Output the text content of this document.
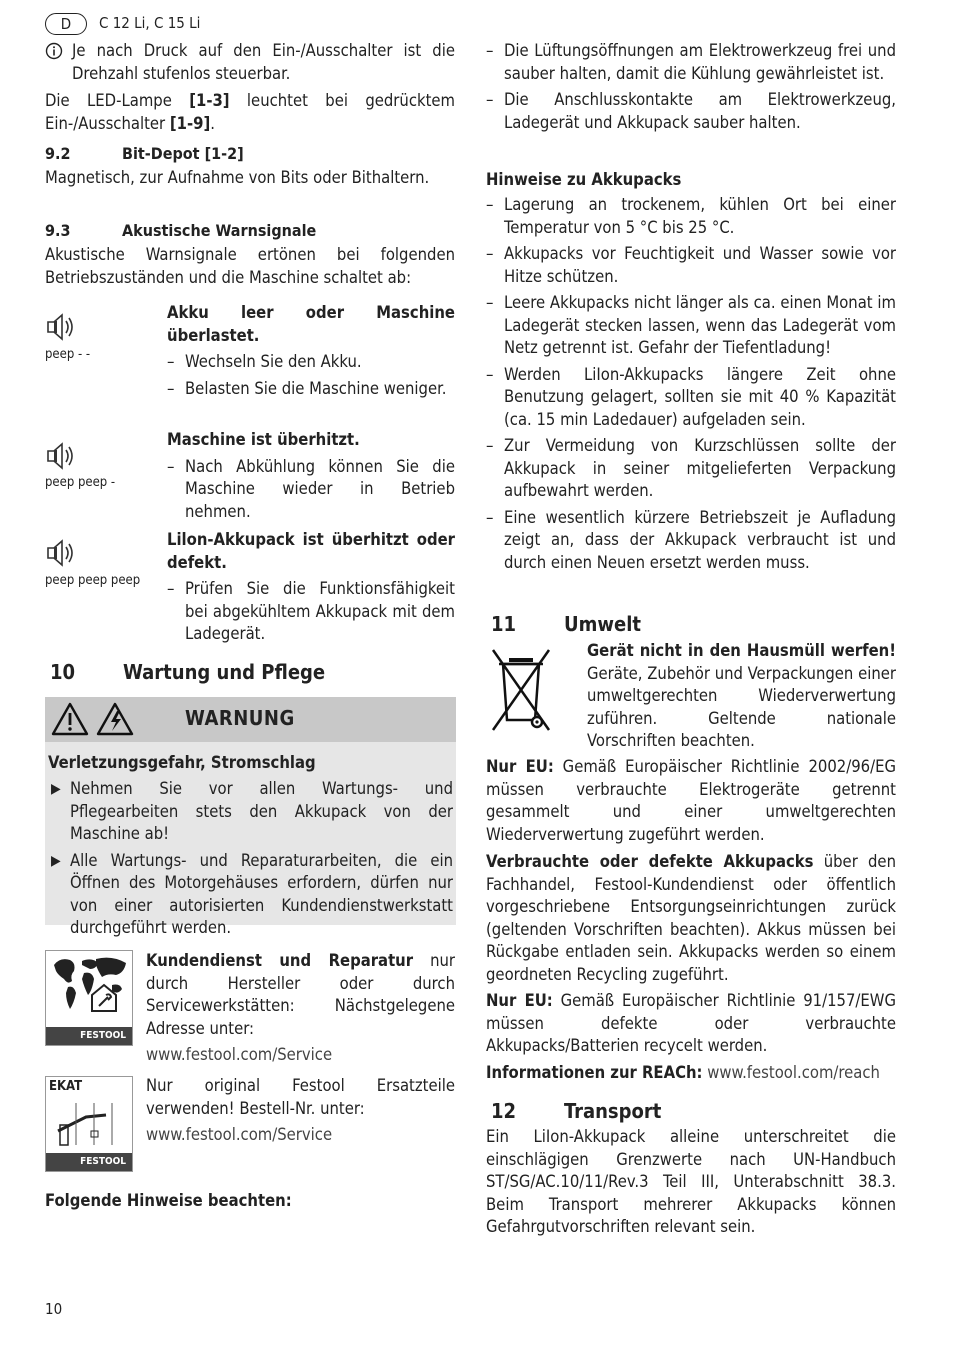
D	C 12 Li, C 15 Li

Je nach Druck auf den Ein-/Ausschalter ist die Drehzahl stufenlos steuerbar.

Die LED-Lampe [1-3] leuchtet bei gedrücktem Ein-/Ausschalter [1-9].

9.2	Bit-Depot [1-2]

Magnetisch, zur Aufnahme von Bits oder Bithaltern.

9.3	Akustische Warnsignale

Akustische Warnsignale ertönen bei folgenden Betriebszuständen und die Maschine schaltet ab:

peep - -

Akku leer oder Maschine überlastet.

– Wechseln Sie den Akku.

– Belasten Sie die Maschine weniger.

peep peep -

Maschine ist überhitzt.

– Nach Abkühlung können Sie die Maschine wieder in Betrieb nehmen.

peep peep peep

Lilon-Akkupack ist überhitzt oder defekt.

– Prüfen Sie die Funktionsfähigkeit bei abgekühltem Akkupack mit dem Ladegerät.

10 Wartung und Pflege
WARNUNG

Verletzungsgefahr, Stromschlag

▶ Nehmen Sie vor allen Wartungs- und Pflegearbeiten stets den Akkupack von der Maschine ab!

▶ Alle Wartungs- und Reparaturarbeiten, die ein Öffnen des Motorgehäuses erfordern, dürfen nur von einer autorisierten Kundendienstwerkstatt durchgeführt werden.

FESTOOL

Kundendienst und Reparatur nur durch Hersteller oder durch Servicewerkstätten: Nächstgelegene Adresse unter:

www.festool.com/Service

EKAT
FESTOOL

Nur original Festool Ersatzteile verwenden! Bestell-Nr. unter:

www.festool.com/Service

Folgende Hinweise beachten:

– Die Lüftungsöffnungen am Elektrowerkzeug frei und sauber halten, damit die Kühlung gewährleistet ist.

– Die Anschlusskontakte am Elektrowerkzeug, Ladegerät und Akkupack sauber halten.

Hinweise zu Akkupacks

– Lagerung an trockenem, kühlen Ort bei einer Temperatur von 5 °C bis 25 °C.

– Akkupacks vor Feuchtigkeit und Wasser sowie vor Hitze schützen.

– Leere Akkupacks nicht länger als ca. einen Monat im Ladegerät stecken lassen, wenn das Ladegerät vom Netz getrennt ist. Gefahr der Tiefentladung!

– Werden LiIon-Akkupacks längere Zeit ohne Benutzung gelagert, sollten sie mit 40 % Kapazität (ca. 15 min Ladedauer) aufgeladen sein.

– Zur Vermeidung von Kurzschlüssen sollte der Akkupack in seiner mitgelieferten Verpackung aufbewahrt werden.

– Eine wesentlich kürzere Betriebszeit je Aufladung zeigt an, dass der Akkupack verbraucht ist und durch einen Neuen ersetzt werden muss.

11 Umwelt

Gerät nicht in den Hausmüll werfen! Geräte, Zubehör und Verpackungen einer umweltgerechten Wiederverwertung zuführen. Geltende nationale Vorschriften beachten.

Nur EU: Gemäß Europäischer Richtlinie 2002/96/EG müssen verbrauchte Elektrogeräte getrennt gesammelt und einer umweltgerechten Wiederverwertung zugeführt werden.

Verbrauchte oder defekte Akkupacks über den Fachhandel, Festool-Kundendienst oder öffentlich vorgeschriebene Entsorgungseinrichtungen zurück (geltenden Vorschriften beachten). Akkus müssen bei Rückgabe entladen sein. Akkupacks werden so einem geordneten Recycling zugeführt.

Nur EU: Gemäß Europäischer Richtlinie 91/157/EWG müssen defekte oder verbrauchte Akkupacks/Batterien recycelt werden.

Informationen zur REACh: www.festool.com/reach

12 Transport

Ein LiIon-Akkupack alleine unterschreitet die einschlägigen Grenzwerte nach UN-Handbuch ST/SG/AC.10/11/Rev.3 Teil III, Unterabschnitt 38.3. Beim Transport mehrerer Akkupacks können Gefahrgutvorschriften relevant sein.

10
